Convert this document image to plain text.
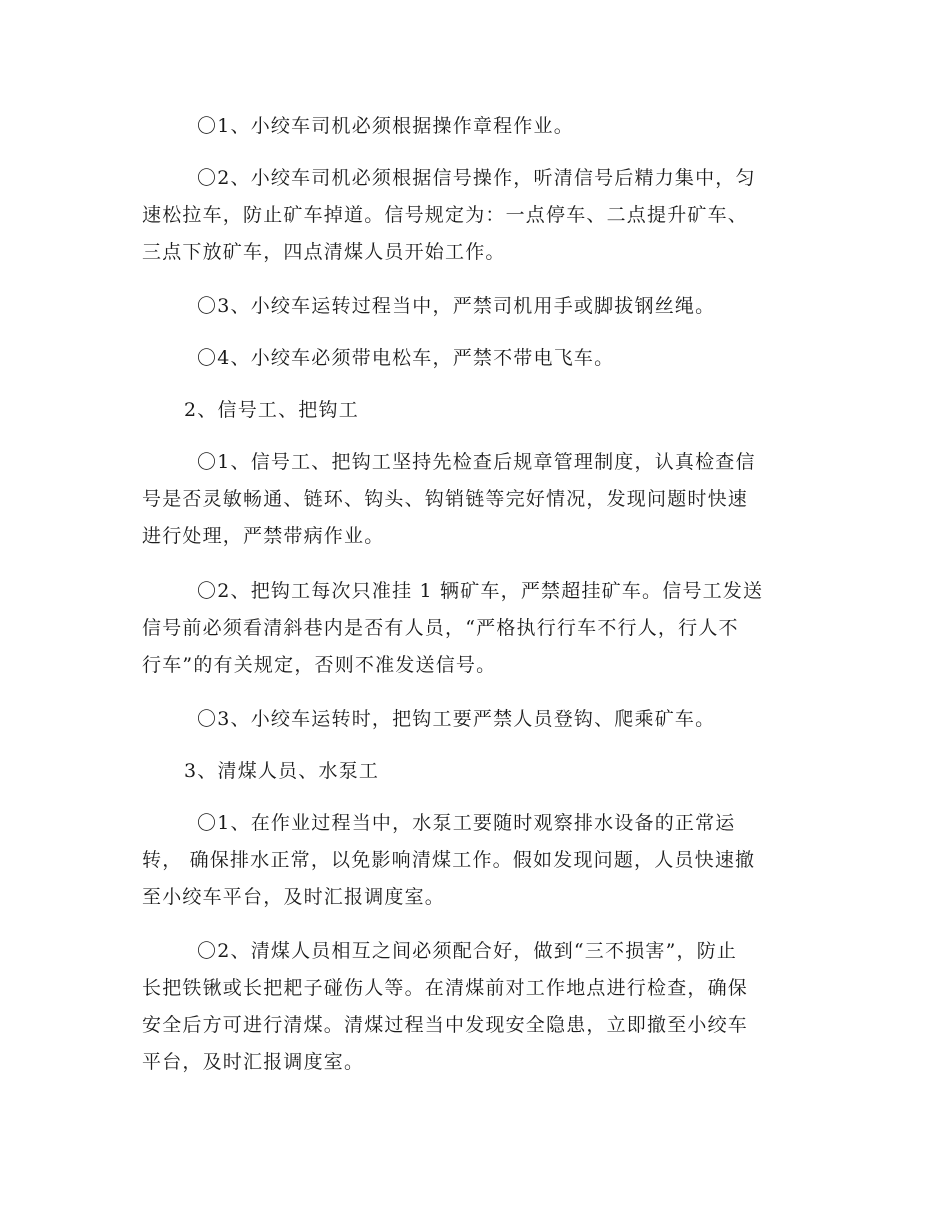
〇1、小绞车司机必须根据操作章程作业。
〇2、小绞车司机必须根据信号操作，听清信号后精力集中，匀
速松拉车，防止矿车掉道。信号规定为：一点停车、二点提升矿车、
三点下放矿车，四点清煤人员开始工作。
〇3、小绞车运转过程当中，严禁司机用手或脚拔钢丝绳。
〇4、小绞车必须带电松车，严禁不带电飞车。
2、信号工、把钩工
〇1、信号工、把钩工坚持先检查后规章管理制度，认真检查信
号是否灵敏畅通、链环、钩头、钩销链等完好情况，发现问题时快速
进行处理，严禁带病作业。
〇2、把钩工每次只准挂 1 辆矿车，严禁超挂矿车。信号工发送
信号前必须看清斜巷内是否有人员，“严格执行行车不行人，行人不
行车”的有关规定，否则不准发送信号。
〇3、小绞车运转时，把钩工要严禁人员登钩、爬乘矿车。
3、清煤人员、水泵工
〇1、在作业过程当中，水泵工要随时观察排水设备的正常运
转， 确保排水正常，以免影响清煤工作。假如发现问题，人员快速撤
至小绞车平台，及时汇报调度室。
〇2、清煤人员相互之间必须配合好，做到“三不损害”，防止
长把铁锹或长把耙子碰伤人等。在清煤前对工作地点进行检查，确保
安全后方可进行清煤。清煤过程当中发现安全隐患，立即撤至小绞车
平台，及时汇报调度室。
